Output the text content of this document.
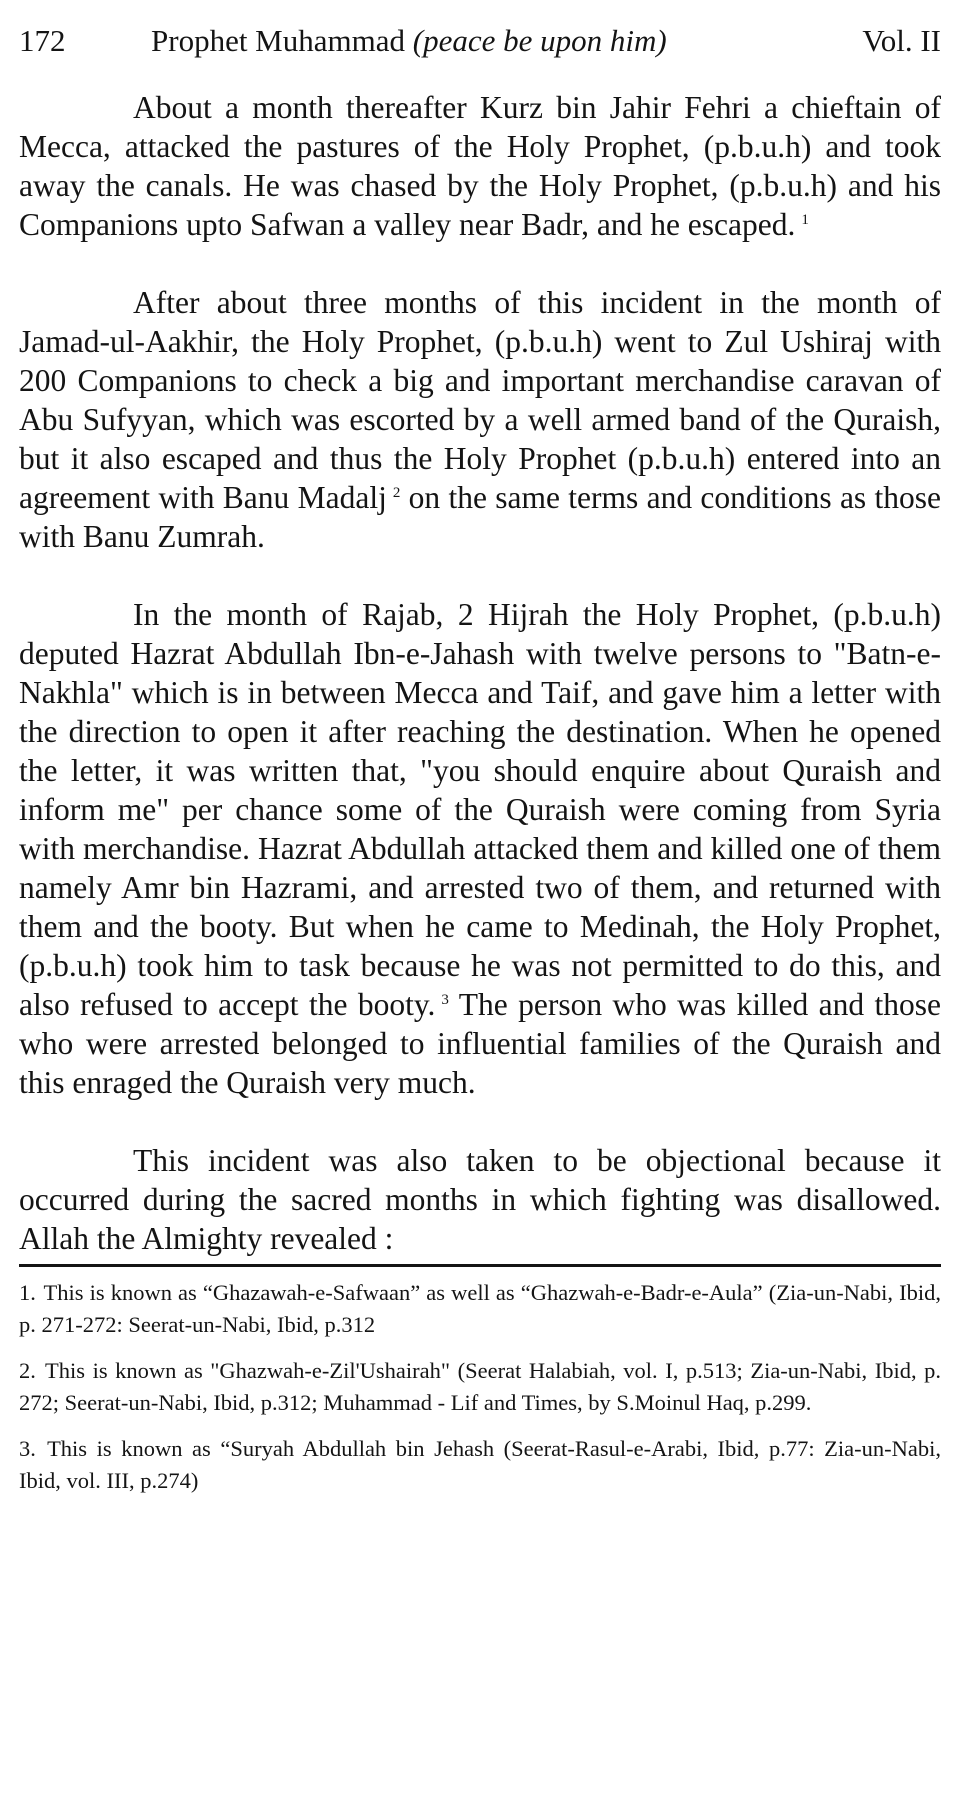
172	Prophet Muhammad (peace be upon him)	Vol. II

About a month thereafter Kurz bin Jahir Fehri a chieftain of Mecca, attacked the pastures of the Holy Prophet, (p.b.u.h) and took away the canals. He was chased by the Holy Prophet, (p.b.u.h) and his Companions upto Safwan a valley near Badr, and he escaped. $^1$

After about three months of this incident in the month of Jamad-ul-Aakhir, the Holy Prophet, (p.b.u.h) went to Zul Ushiraj with 200 Companions to check a big and important merchandise caravan of Abu Sufyyan, which was escorted by a well armed band of the Quraish, but it also escaped and thus the Holy Prophet (p.b.u.h) entered into an agreement with Banu Madalj $^2$ on the same terms and conditions as those with Banu Zumrah.

In the month of Rajab, 2 Hijrah the Holy Prophet, (p.b.u.h) deputed Hazrat Abdullah Ibn-e-Jahash with twelve persons to "Batn-e-Nakhla" which is in between Mecca and Taif, and gave him a letter with the direction to open it after reaching the destination. When he opened the letter, it was written that, "you should enquire about Quraish and inform me" per chance some of the Quraish were coming from Syria with merchandise. Hazrat Abdullah attacked them and killed one of them namely Amr bin Hazrami, and arrested two of them, and returned with them and the booty. But when he came to Medinah, the Holy Prophet, (p.b.u.h) took him to task because he was not permitted to do this, and also refused to accept the booty. $^3$ The person who was killed and those who were arrested belonged to influential families of the Quraish and this enraged the Quraish very much.

This incident was also taken to be objectional because it occurred during the sacred months in which fighting was disallowed. Allah the Almighty revealed :

1. This is known as “Ghazawah-e-Safwaan” as well as “Ghazwah-e-Badr-e-Aula” (Zia-un-Nabi, Ibid, p. 271-272: Seerat-un-Nabi, Ibid, p.312

2. This is known as "Ghazwah-e-Zil'Ushairah" (Seerat Halabiah, vol. I, p.513; Zia-un-Nabi, Ibid, p. 272; Seerat-un-Nabi, Ibid, p.312; Muhammad - Lif and Times, by S.Moinul Haq, p.299.

3. This is known as “Suryah Abdullah bin Jehash (Seerat-Rasul-e-Arabi, Ibid, p.77: Zia-un-Nabi, Ibid, vol. III, p.274)
